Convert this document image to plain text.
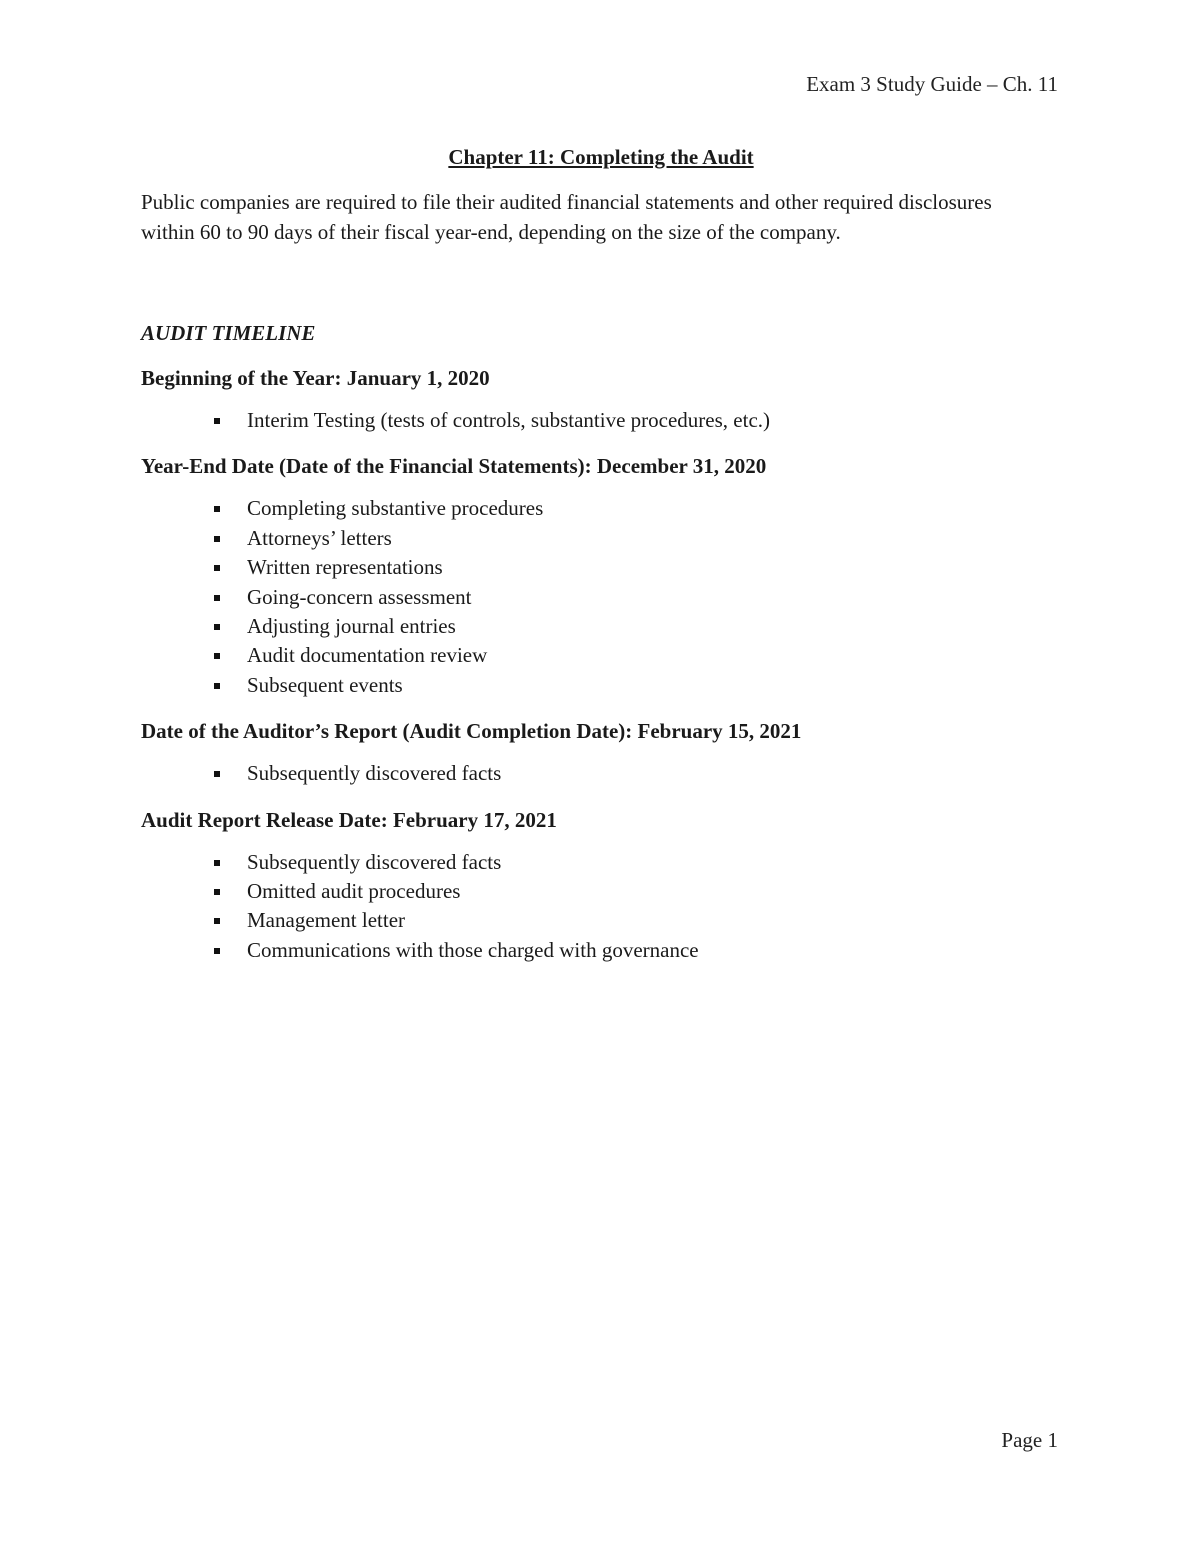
Exam 3 Study Guide – Ch. 11
Chapter 11: Completing the Audit

Public companies are required to file their audited financial statements and other required disclosures within 60 to 90 days of their fiscal year-end, depending on the size of the company.

AUDIT TIMELINE
Beginning of the Year: January 1, 2020
Interim Testing (tests of controls, substantive procedures, etc.)
Year-End Date (Date of the Financial Statements): December 31, 2020
Completing substantive procedures
Attorneys’ letters
Written representations
Going-concern assessment
Adjusting journal entries
Audit documentation review
Subsequent events
Date of the Auditor’s Report (Audit Completion Date): February 15, 2021
Subsequently discovered facts
Audit Report Release Date: February 17, 2021
Subsequently discovered facts
Omitted audit procedures
Management letter
Communications with those charged with governance
Page 1
